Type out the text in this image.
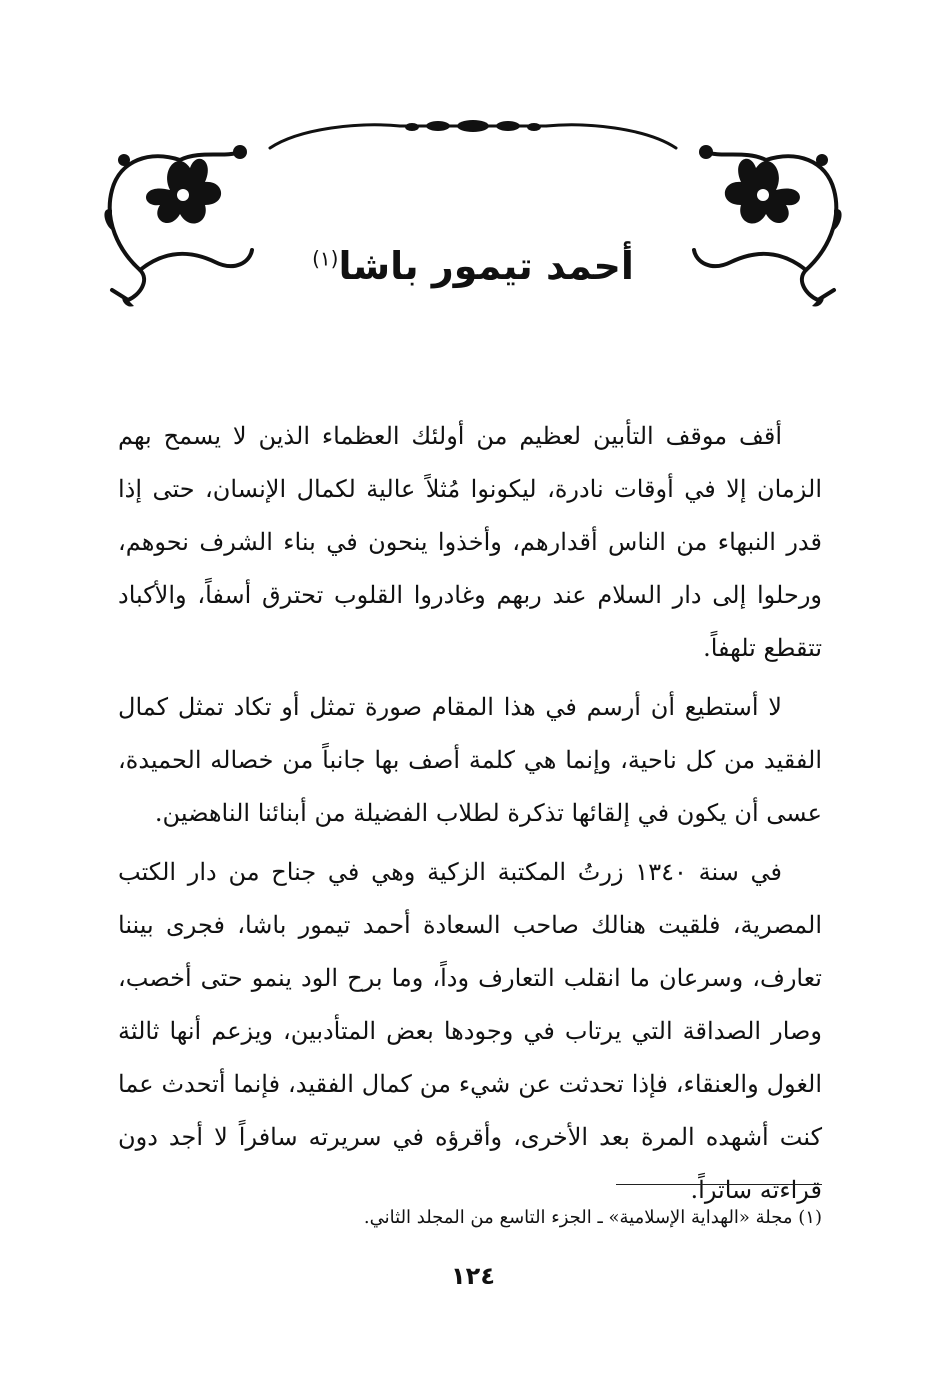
أحمد تيمور باشا$^{(١)}$

أقف موقف التأبين لعظيم من أولئك العظماء الذين لا يسمح بهم الزمان إلا في أوقات نادرة، ليكونوا مُثلاً عالية لكمال الإنسان، حتى إذا قدر النبهاء من الناس أقدارهم، وأخذوا ينحون في بناء الشرف نحوهم، ورحلوا إلى دار السلام عند ربهم وغادروا القلوب تحترق أسفاً، والأكباد تتقطع تلهفاً.

لا أستطيع أن أرسم في هذا المقام صورة تمثل أو تكاد تمثل كمال الفقيد من كل ناحية، وإنما هي كلمة أصف بها جانباً من خصاله الحميدة، عسى أن يكون في إلقائها تذكرة لطلاب الفضيلة من أبنائنا الناهضين.

في سنة ١٣٤٠ زرتُ المكتبة الزكية وهي في جناح من دار الكتب المصرية، فلقيت هنالك صاحب السعادة أحمد تيمور باشا، فجرى بيننا تعارف، وسرعان ما انقلب التعارف وداً، وما برح الود ينمو حتى أخصب، وصار الصداقة التي يرتاب في وجودها بعض المتأدبين، ويزعم أنها ثالثة الغول والعنقاء، فإذا تحدثت عن شيء من كمال الفقيد، فإنما أتحدث عما كنت أشهده المرة بعد الأخرى، وأقرؤه في سريرته سافراً لا أجد دون قراءته ساتراً.

(١) مجلة «الهداية الإسلامية» ـ الجزء التاسع من المجلد الثاني.
١٢٤
